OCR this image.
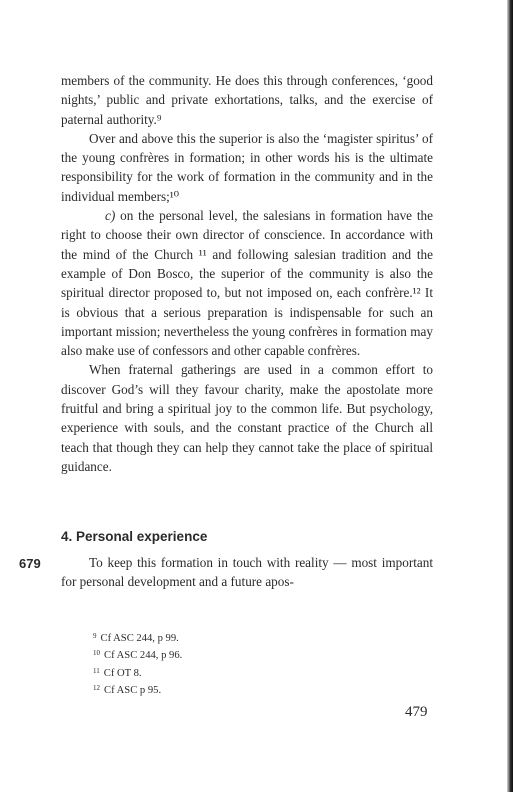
members of the community. He does this through conferences, ‘good nights,’ public and private exhortations, talks, and the exercise of paternal authority.⁹

Over and above this the superior is also the ‘magister spiritus’ of the young confrères in formation; in other words his is the ultimate responsibility for the work of formation in the community and in the individual members;¹⁰

c) on the personal level, the salesians in formation have the right to choose their own director of conscience. In accordance with the mind of the Church ¹¹ and following salesian tradition and the example of Don Bosco, the superior of the community is also the spiritual director proposed to, but not imposed on, each confrère.¹² It is obvious that a serious preparation is indispensable for such an important mission; nevertheless the young confrères in formation may also make use of confessors and other capable confrères.

When fraternal gatherings are used in a common effort to discover God’s will they favour charity, make the apostolate more fruitful and bring a spiritual joy to the common life. But psychology, experience with souls, and the constant practice of the Church all teach that though they can help they cannot take the place of spiritual guidance.

4. Personal experience
679	To keep this formation in touch with reality — most important for personal development and a future apos-

$^9$ Cf ASC 244, p 99.

$^{10}$ Cf ASC 244, p 96.

$^{11}$ Cf OT 8.

$^{12}$ Cf ASC p 95.

479
